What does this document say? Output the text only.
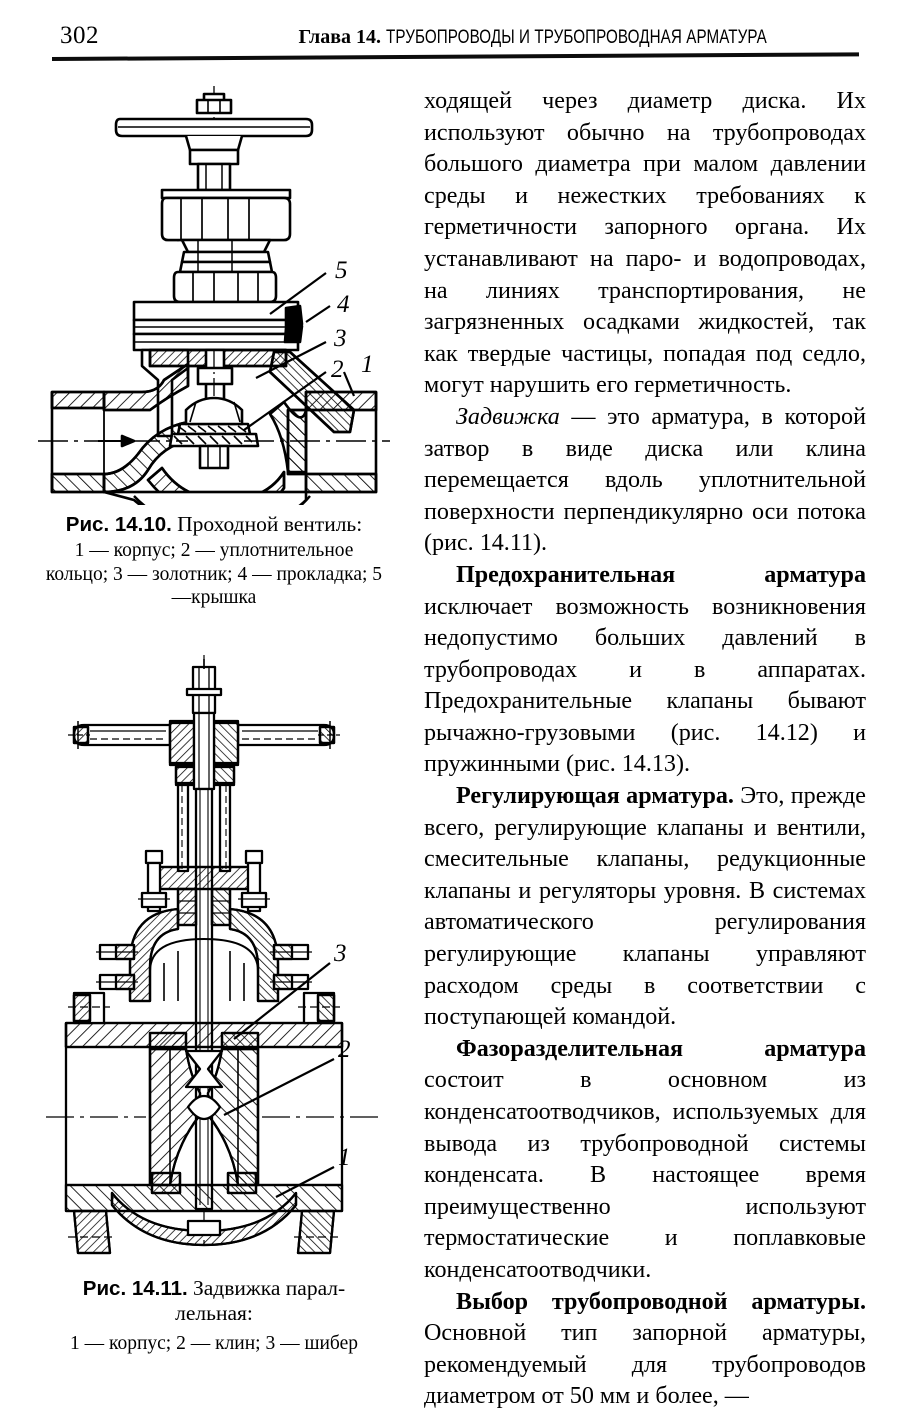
302	Глава 14. ТРУБОПРОВОДЫ И ТРУБОПРОВОДНАЯ АРМАТУРА
5
4
3
2 1
Рис. 14.10. Проходной вентиль:
1 — корпус; 2 — уплотнительное кольцо; 3 — золотник; 4 — прокладка; 5 —крышка
3
2
1
Рис. 14.11. Задвижка парал-
лельная:
1 — корпус; 2 — клин; 3 — шибер

ходящей через диаметр диска. Их используют обычно на трубопроводах большого диаметра при малом давлении среды и нежестких требованиях к герметичности запорного органа. Их устанавливают на паро- и водопроводах, на линиях транспортирования, не загрязненных осадками жидкостей, так как твердые частицы, попадая под седло, могут нарушить его герметичность.

Задвижка — это арматура, в которой затвор в виде диска или клина перемещается вдоль уплотнительной поверхности перпендикулярно оси потока (рис. 14.11).

Предохранительная арматура исключает возможность возникновения недопустимо больших давлений в трубопроводах и в аппаратах. Предохранительные клапаны бывают рычажно-грузовыми (рис. 14.12) и пружинными (рис. 14.13).

Регулирующая арматура. Это, прежде всего, регулирующие клапаны и вентили, смесительные клапаны, редукционные клапаны и регуляторы уровня. В системах автоматического регулирования регулирующие клапаны управляют расходом среды в соответствии с поступающей командой.

Фазоразделительная арматура состоит в основном из конденсатоотводчиков, используемых для вывода из трубопроводной системы конденсата. В настоящее время преимущественно используют термостатические и поплавковые конденсатоотводчики.

Выбор трубопроводной арматуры. Основной тип запорной арматуры, рекомендуемый для трубопроводов диаметром от 50 мм и более, —
